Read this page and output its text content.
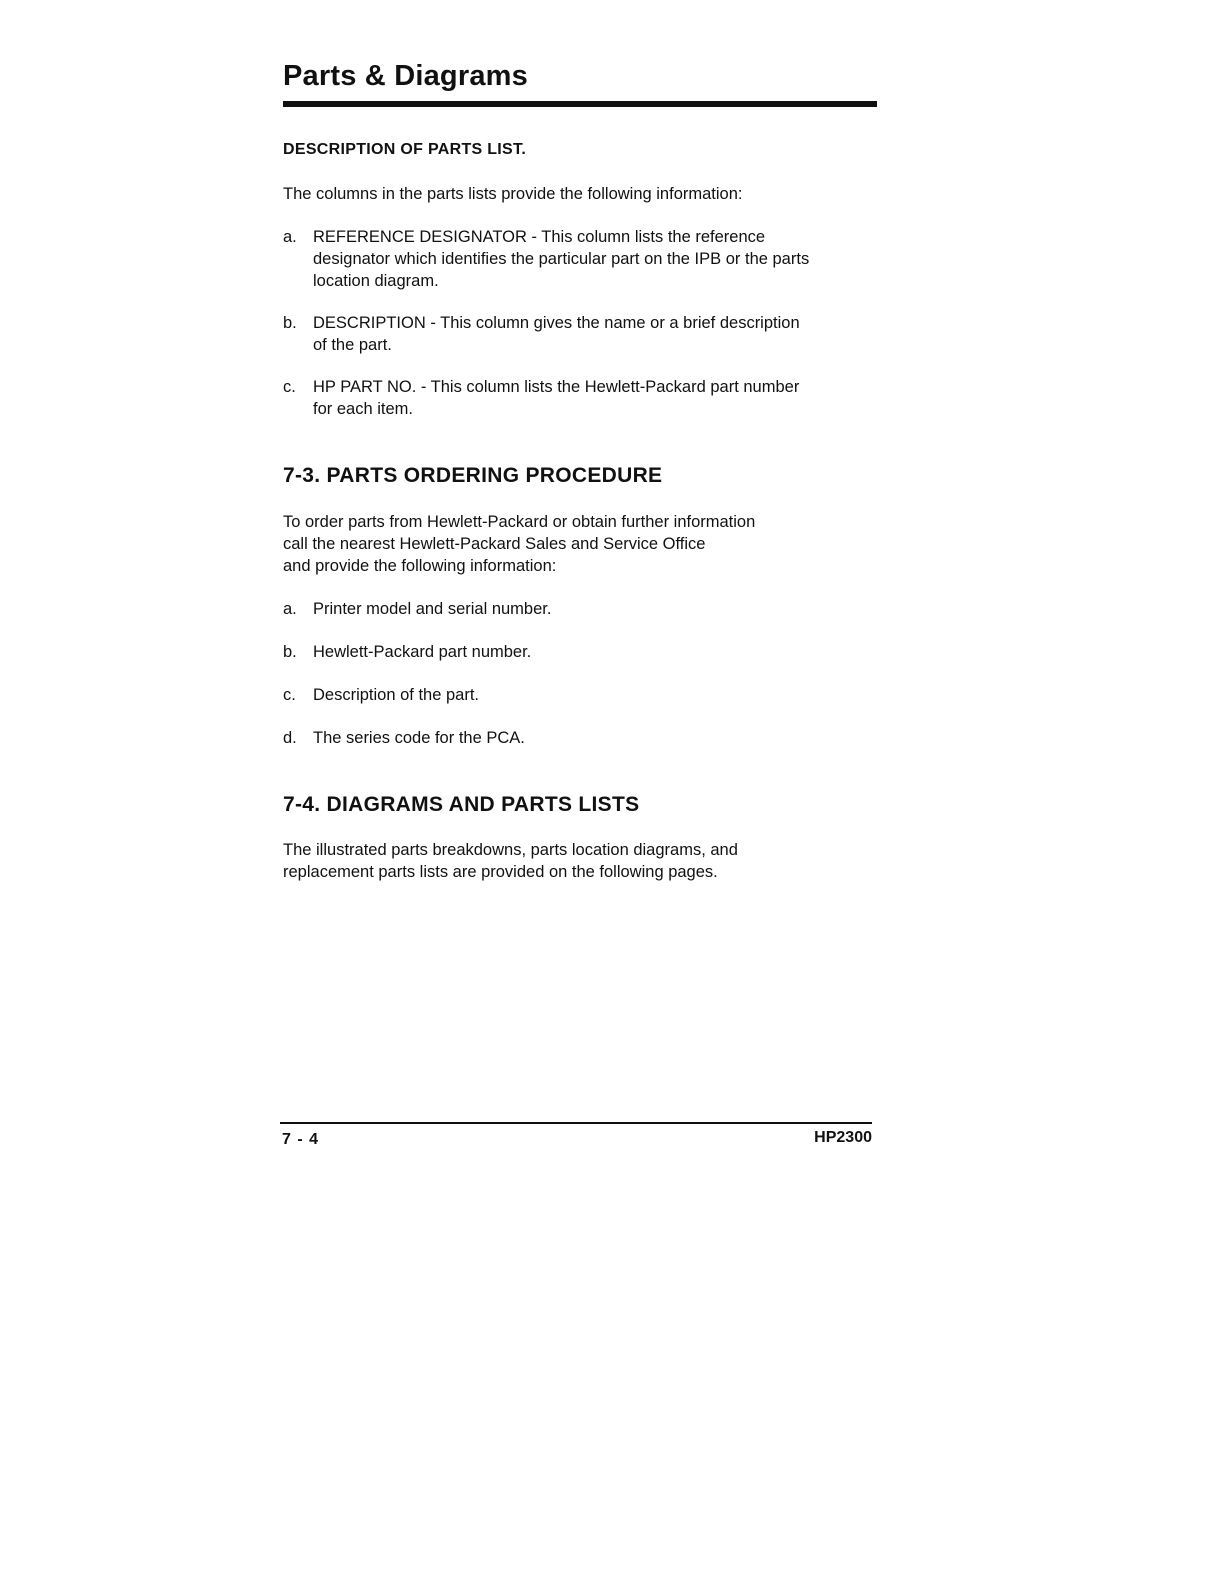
Parts & Diagrams
DESCRIPTION OF PARTS LIST.
The columns in the parts lists provide the following information:
a. REFERENCE DESIGNATOR - This column lists the reference
designator which identifies the particular part on the IPB or the parts
location diagram.
b. DESCRIPTION - This column gives the name or a brief description
of the part.
c.	HP PART NO. - This column lists the Hewlett-Packard part number
for each item.
7-3. PARTS ORDERING PROCEDURE
To order parts from Hewlett-Packard or obtain further information
call the nearest Hewlett-Packard Sales and Service Office
and provide the following information:
a. Printer model and serial number.
b. Hewlett-Packard part number.
c.	Description of the part.
d. The series code for the PCA.
7-4. DIAGRAMS AND PARTS LISTS
The illustrated parts breakdowns, parts location diagrams, and
replacement parts lists are provided on the following pages.
7 - 4	HP2300
